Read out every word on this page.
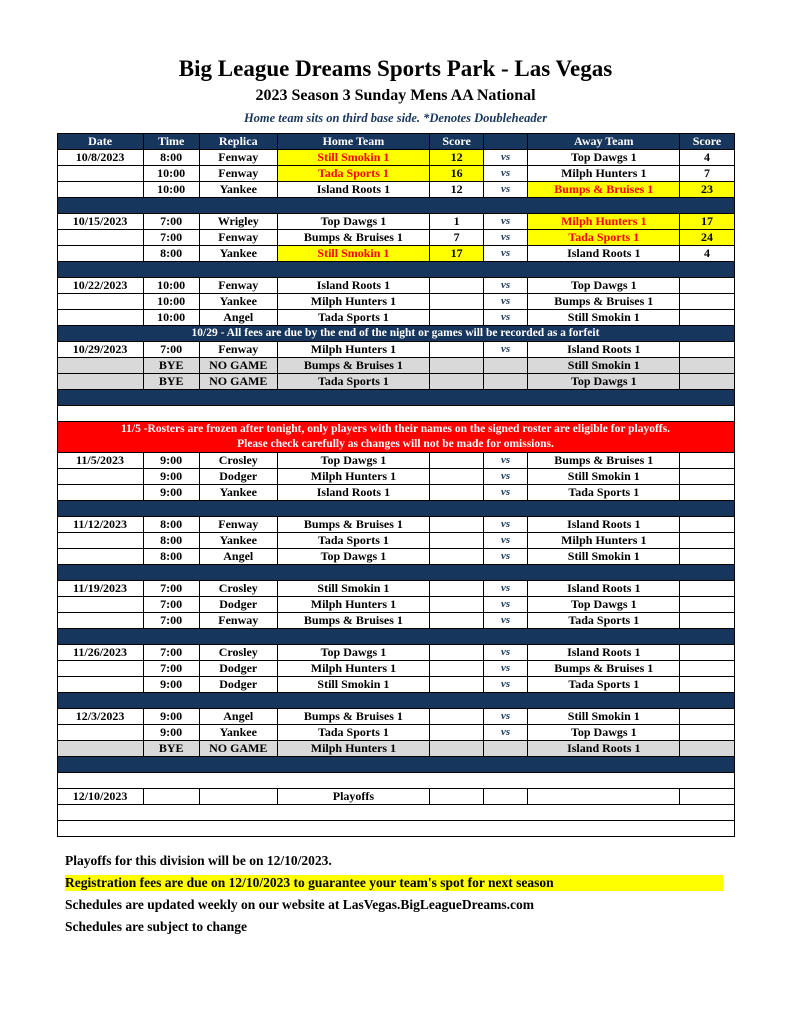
Big League Dreams Sports Park - Las Vegas
2023 Season 3 Sunday Mens AA National
Home team sits on third base side. *Denotes Doubleheader
Date	Time	Replica	Home Team	Score		Away Team	Score
10/8/2023	8:00	Fenway	Still Smokin 1	12	vs	Top Dawgs 1	4
	10:00	Fenway	Tada Sports 1	16	vs	Milph Hunters 1	7
	10:00	Yankee	Island Roots 1	12	vs	Bumps & Bruises 1	23

10/15/2023	7:00	Wrigley	Top Dawgs 1	1	vs	Milph Hunters 1	17
	7:00	Fenway	Bumps & Bruises 1	7	vs	Tada Sports 1	24
	8:00	Yankee	Still Smokin 1	17	vs	Island Roots 1	4

10/22/2023	10:00	Fenway	Island Roots 1		vs	Top Dawgs 1	
	10:00	Yankee	Milph Hunters 1		vs	Bumps & Bruises 1	
	10:00	Angel	Tada Sports 1		vs	Still Smokin 1	
10/29 - All fees are due by the end of the night or games will be recorded as a forfeit							
10/29/2023	7:00	Fenway	Milph Hunters 1		vs	Island Roots 1	
	BYE	NO GAME	Bumps & Bruises 1			Still Smokin 1	
	BYE	NO GAME	Tada Sports 1			Top Dawgs 1	

11/5 -Rosters are frozen after tonight, only players with their names on the signed roster are eligible for playoffs.
Please check carefully as changes will not be made for omissions.							

11/5/2023	9:00	Crosley	Top Dawgs 1		vs	Bumps & Bruises 1	
	9:00	Dodger	Milph Hunters 1		vs	Still Smokin 1	
	9:00	Yankee	Island Roots 1		vs	Tada Sports 1	

11/12/2023	8:00	Fenway	Bumps & Bruises 1		vs	Island Roots 1	
	8:00	Yankee	Tada Sports 1		vs	Milph Hunters 1	
	8:00	Angel	Top Dawgs 1		vs	Still Smokin 1	

11/19/2023	7:00	Crosley	Still Smokin 1		vs	Island Roots 1	
	7:00	Dodger	Milph Hunters 1		vs	Top Dawgs 1	
	7:00	Fenway	Bumps & Bruises 1		vs	Tada Sports 1	

11/26/2023	7:00	Crosley	Top Dawgs 1		vs	Island Roots 1	
	7:00	Dodger	Milph Hunters 1		vs	Bumps & Bruises 1	
	9:00	Dodger	Still Smokin 1		vs	Tada Sports 1	

12/3/2023	9:00	Angel	Bumps & Bruises 1		vs	Still Smokin 1	
	9:00	Yankee	Tada Sports 1		vs	Top Dawgs 1	
	BYE	NO GAME	Milph Hunters 1			Island Roots 1	

12/10/2023			Playoffs				

Playoffs for this division will be on 12/10/2023.
Registration fees are due on 12/10/2023 to guarantee your team's spot for next season
Schedules are updated weekly on our website at LasVegas.BigLeagueDreams.com
Schedules are subject to change
